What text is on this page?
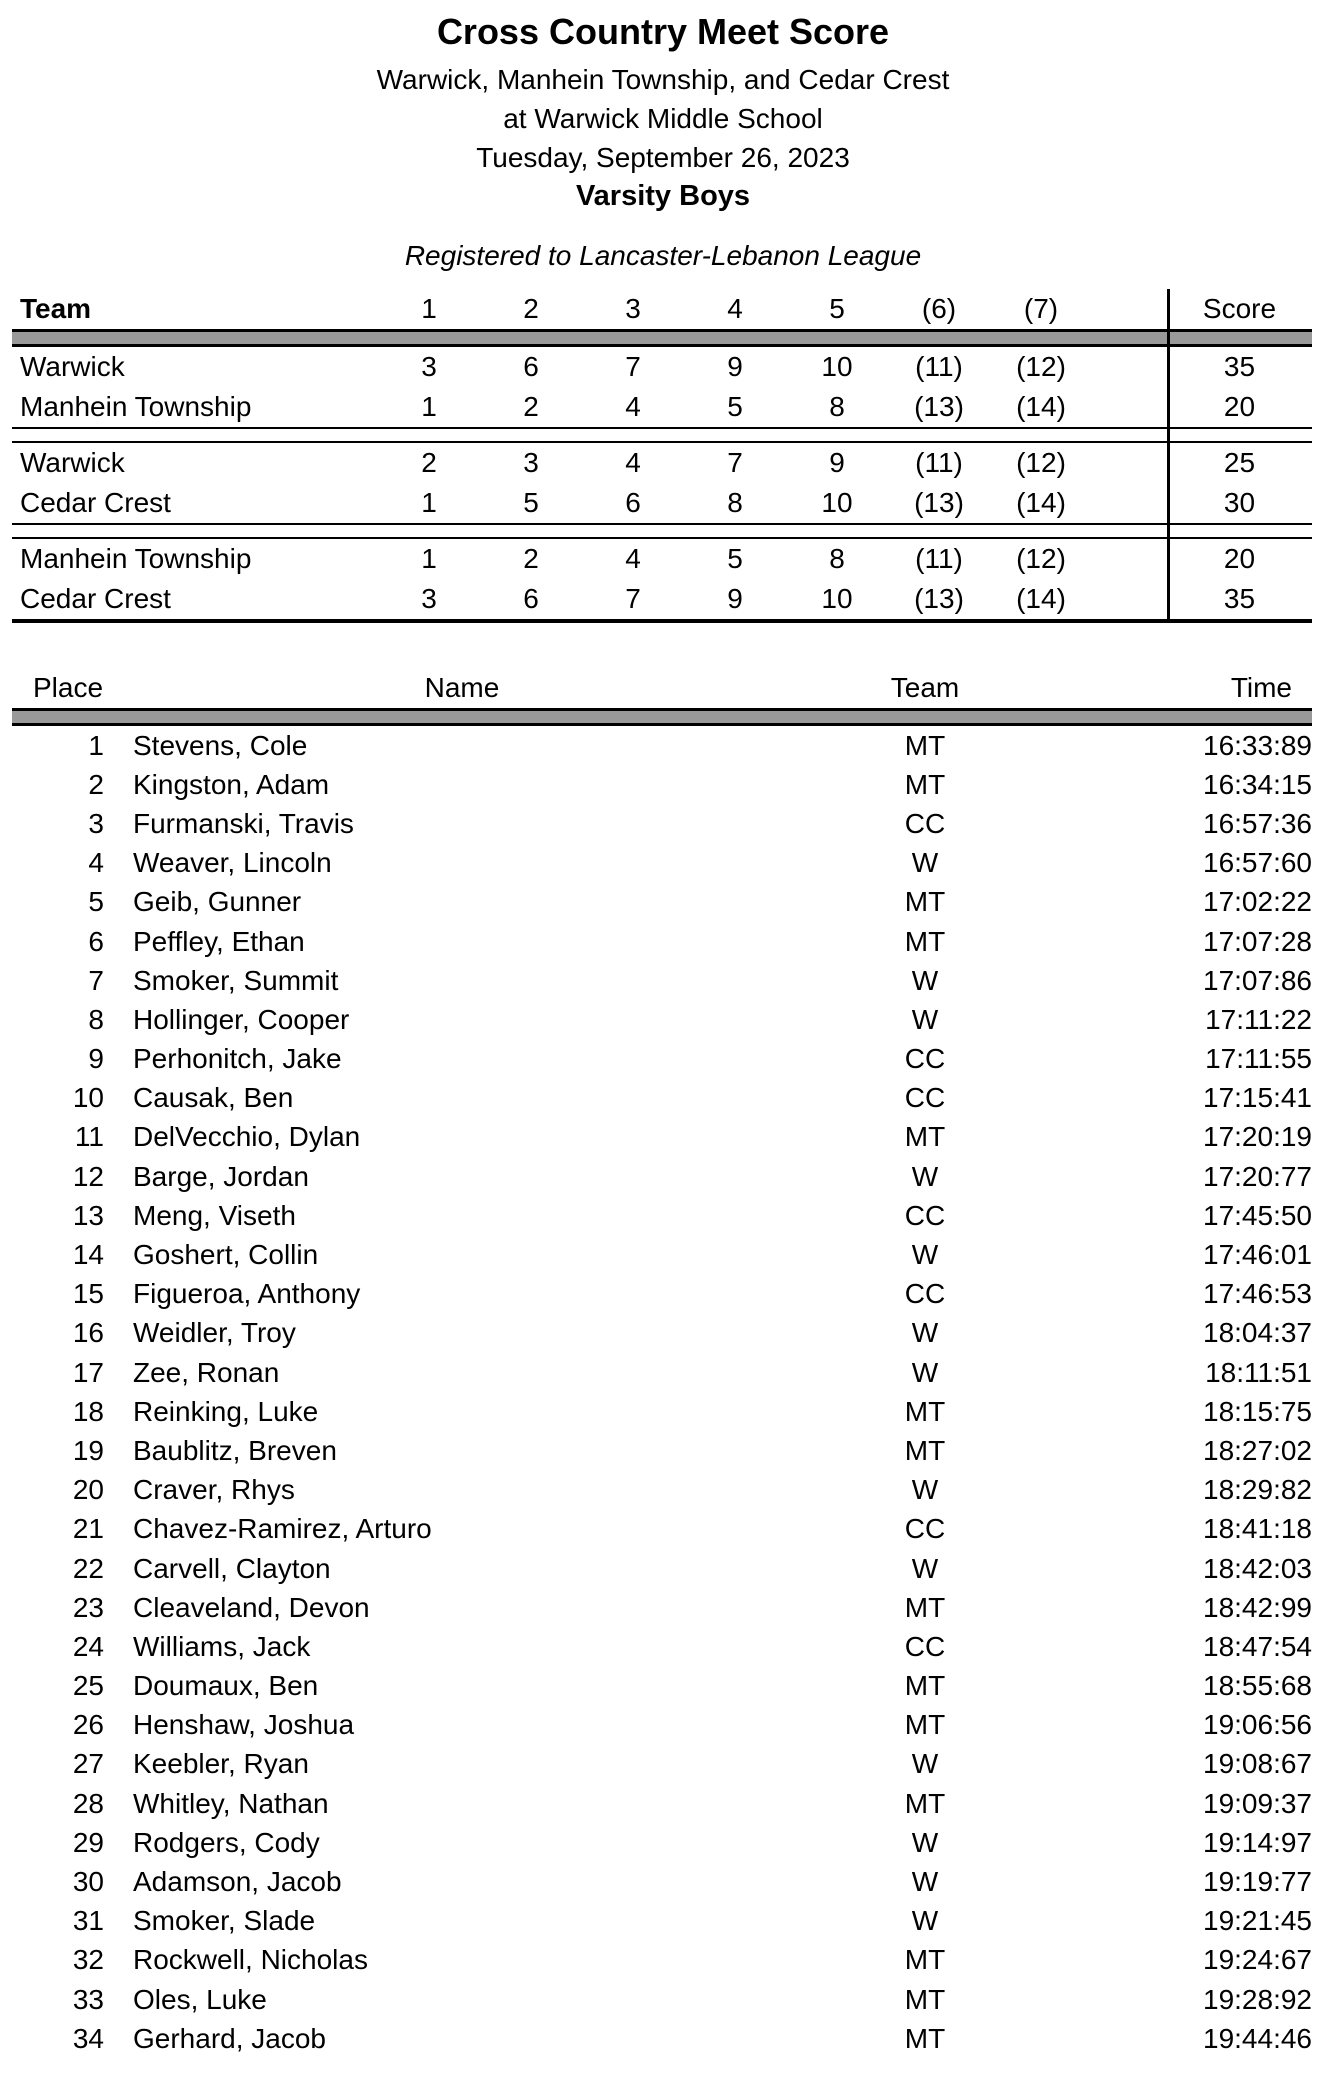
Cross Country Meet Score
Warwick, Manhein Township, and Cedar Crest
at Warwick Middle School
Tuesday, September 26, 2023
Varsity Boys
Registered to Lancaster-Lebanon League
Team	1	2	3	4	5	(6)	(7)	Score
Warwick	3	6	7	9	10	(11)	(12)	35
Manhein Township	1	2	4	5	8	(13)	(14)	20
Warwick	2	3	4	7	9	(11)	(12)	25
Cedar Crest	1	5	6	8	10	(13)	(14)	30
Manhein Township	1	2	4	5	8	(11)	(12)	20
Cedar Crest	3	6	7	9	10	(13)	(14)	35
Place	Name	Team	Time
1	Stevens, Cole	MT	16:33:89
2	Kingston, Adam	MT	16:34:15
3	Furmanski, Travis	CC	16:57:36
4	Weaver, Lincoln	W	16:57:60
5	Geib, Gunner	MT	17:02:22
6	Peffley, Ethan	MT	17:07:28
7	Smoker, Summit	W	17:07:86
8	Hollinger, Cooper	W	17:11:22
9	Perhonitch, Jake	CC	17:11:55
10	Causak, Ben	CC	17:15:41
11	DelVecchio, Dylan	MT	17:20:19
12	Barge, Jordan	W	17:20:77
13	Meng, Viseth	CC	17:45:50
14	Goshert, Collin	W	17:46:01
15	Figueroa, Anthony	CC	17:46:53
16	Weidler, Troy	W	18:04:37
17	Zee, Ronan	W	18:11:51
18	Reinking, Luke	MT	18:15:75
19	Baublitz, Breven	MT	18:27:02
20	Craver, Rhys	W	18:29:82
21	Chavez-Ramirez, Arturo	CC	18:41:18
22	Carvell, Clayton	W	18:42:03
23	Cleaveland, Devon	MT	18:42:99
24	Williams, Jack	CC	18:47:54
25	Doumaux, Ben	MT	18:55:68
26	Henshaw, Joshua	MT	19:06:56
27	Keebler, Ryan	W	19:08:67
28	Whitley, Nathan	MT	19:09:37
29	Rodgers, Cody	W	19:14:97
30	Adamson, Jacob	W	19:19:77
31	Smoker, Slade	W	19:21:45
32	Rockwell, Nicholas	MT	19:24:67
33	Oles, Luke	MT	19:28:92
34	Gerhard, Jacob	MT	19:44:46
